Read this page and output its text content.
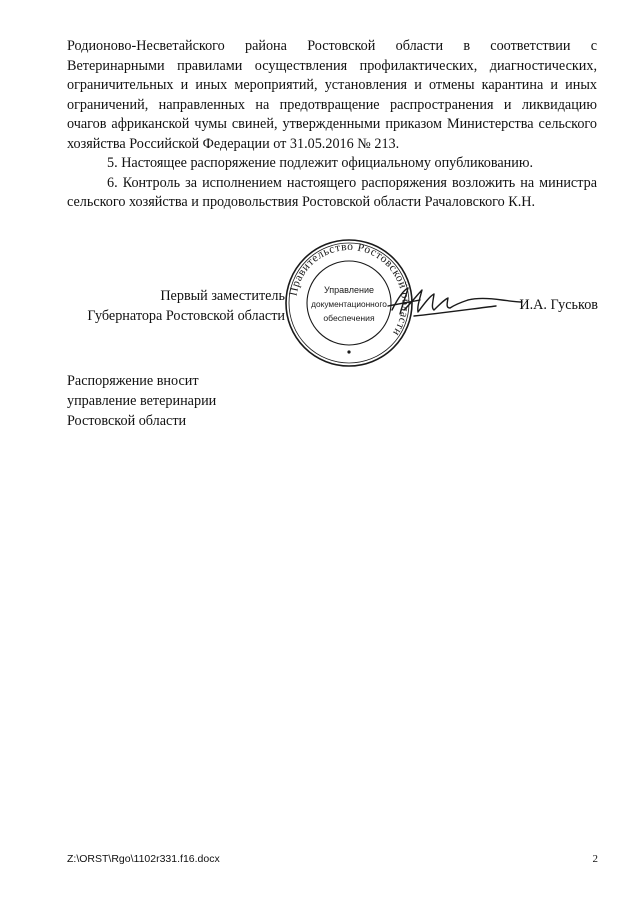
Родионово-Несветайского района Ростовской области в соответствии с Ветеринарными правилами осуществления профилактических, диагностических, ограничительных и иных мероприятий, установления и отмены карантина и иных ограничений, направленных на предотвращение распространения и ликвидацию очагов африканской чумы свиней, утвержденными приказом Министерства сельского хозяйства Российской Федерации от 31.05.2016 № 213.

5. Настоящее распоряжение подлежит официальному опубликованию.

6. Контроль за исполнением настоящего распоряжения возложить на министра сельского хозяйства и продовольствия Ростовской области Рачаловского К.Н.

Первый заместитель
Губернатора Ростовской области
Правительство Ростовской области
Управление
документационного
обеспечения
И.А. Гуськов
Распоряжение вносит
управление ветеринарии
Ростовской области
Z:\ORST\Rgo\1102r331.f16.docx	2
